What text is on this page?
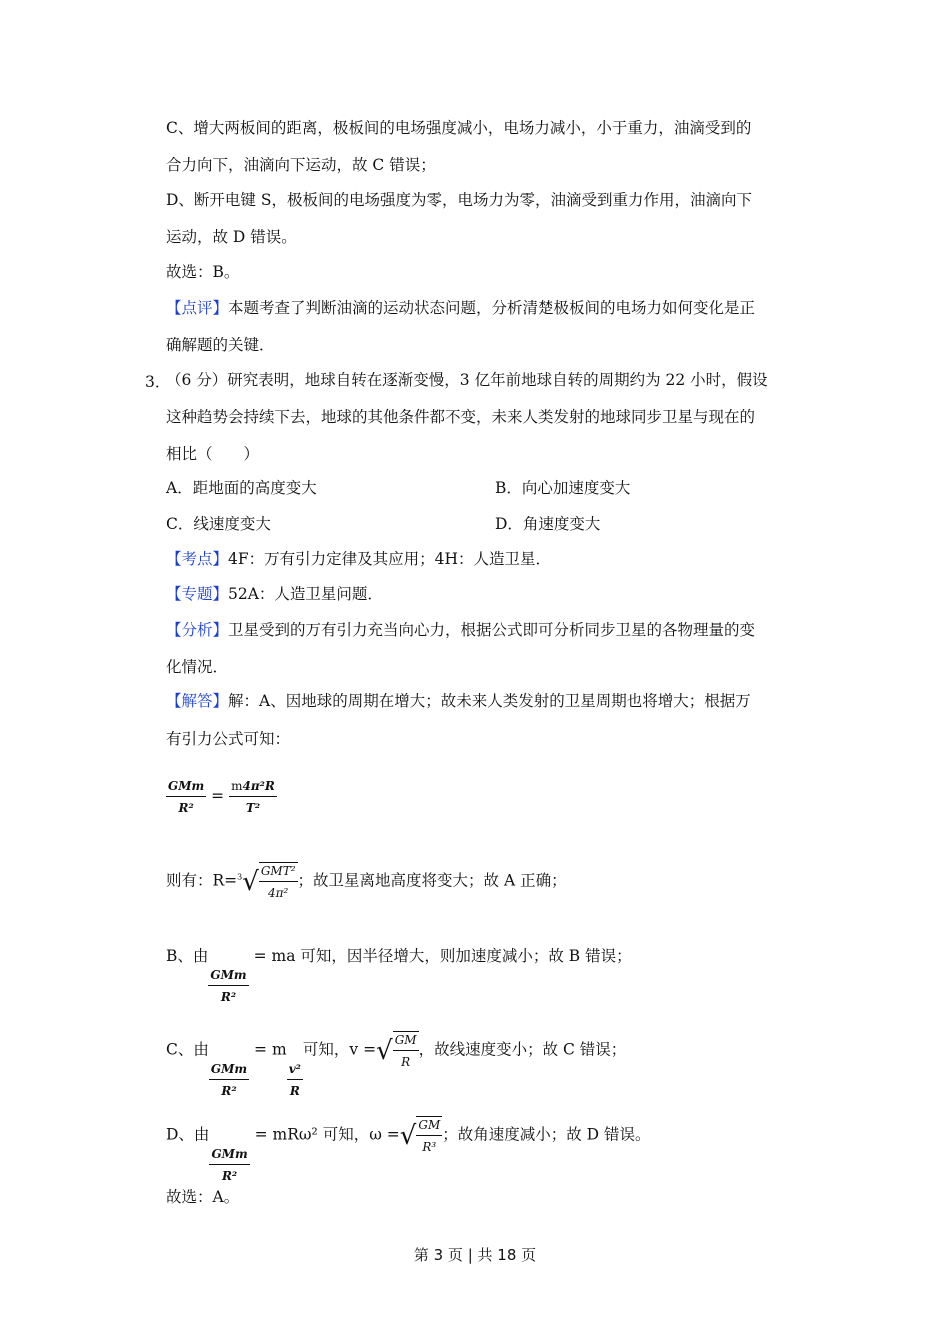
C、增大两板间的距离，极板间的电场强度减小，电场力减小，小于重力，油滴受到的
合力向下，油滴向下运动，故 C 错误；
D、断开电键 S，极板间的电场强度为零，电场力为零，油滴受到重力作用，油滴向下
运动，故 D 错误。
故选：B。
【点评】本题考查了判断油滴的运动状态问题，分析清楚极板间的电场力如何变化是正
确解题的关键．
3．
（6 分）研究表明，地球自转在逐渐变慢，3 亿年前地球自转的周期约为 22 小时，假设
这种趋势会持续下去，地球的其他条件都不变，未来人类发射的地球同步卫星与现在的
相比（　　）
A．距地面的高度变大	B．向心加速度变大
C．线速度变大	D．角速度变大
【考点】4F：万有引力定律及其应用；4H：人造卫星．
【专题】52A：人造卫星问题．
【分析】卫星受到的万有引力充当向心力，根据公式即可分析同步卫星的各物理量的变
化情况．
【解答】解：A、因地球的周期在增大；故未来人类发射的卫星周期也将增大；根据万
有引力公式可知：
$\frac{\text{GMm}}{\text{R²}} = \frac{\text{m4π²R}}{\text{T²}}$
则有：R=$^3$ √ $\frac{\text{GMT²}}{\text{4π²}}$ ；故卫星离地高度将变大；故 A 正确；
B、由
$\frac{\text{GMm}}{\text{R²}}$
= ma 可知，因半径增大，则加速度减小；故 B 错误；
C、由
$\frac{\text{GMm}}{\text{R²}}$
= m
$\frac{\text{v²}}{R}$
可知，v = √ $\frac{GM}{R}$ ，故线速度变小；故 C 错误；
D、由
$\frac{\text{GMm}}{\text{R²}}$
= mRω² 可知，ω = √ $\frac{GM}{\text{R³}}$ ；故角速度减小；故 D 错误。
故选：A。
第 3 页 | 共 18 页
